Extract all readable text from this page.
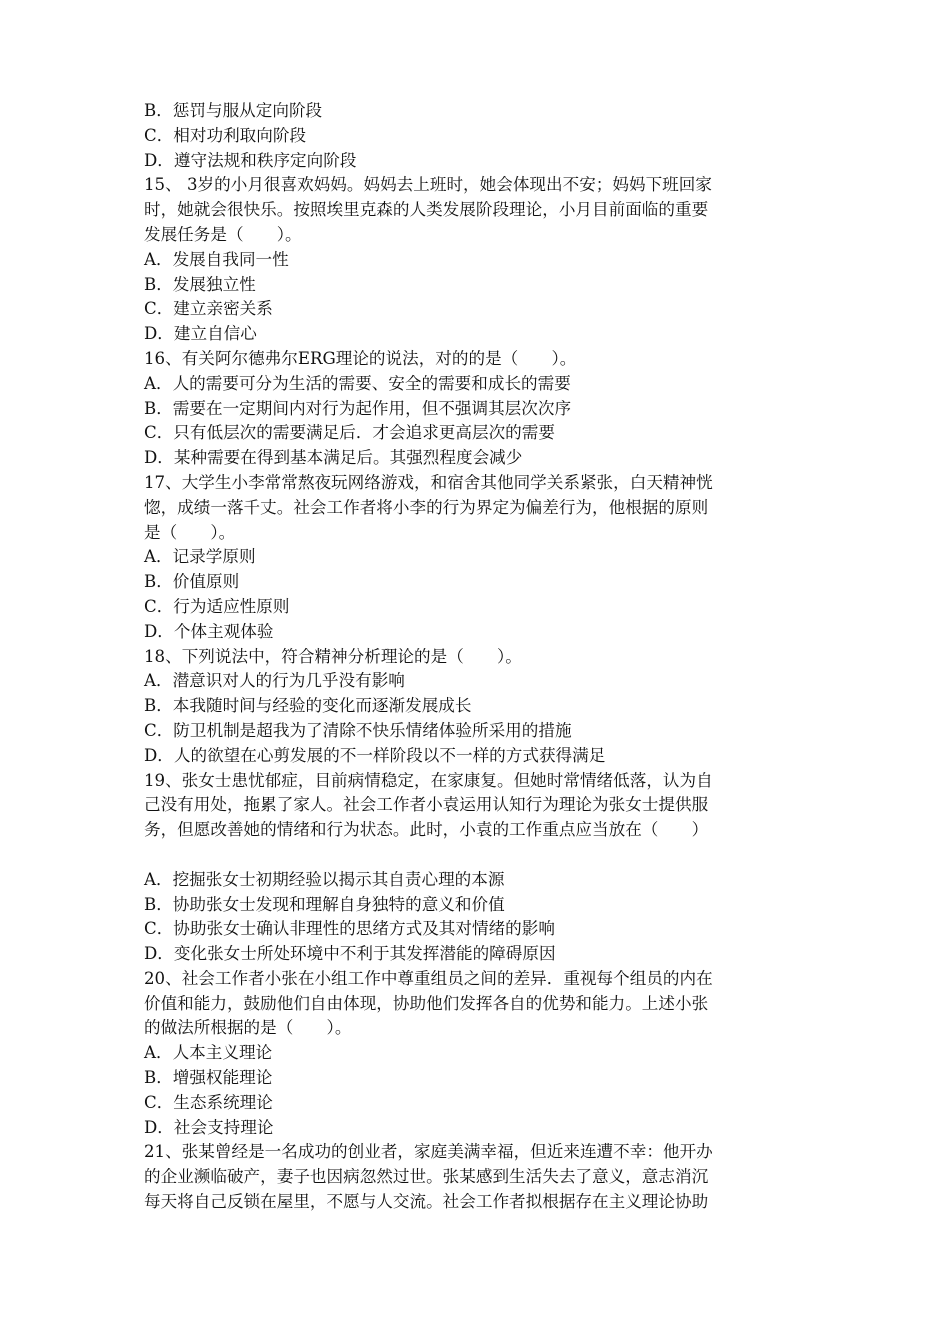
B．惩罚与服从定向阶段
C．相对功利取向阶段
D．遵守法规和秩序定向阶段
15、 3岁的小月很喜欢妈妈。妈妈去上班时，她会体现出不安；妈妈下班回家
时，她就会很快乐。按照埃里克森的人类发展阶段理论，小月目前面临的重要
发展任务是（　　）。
A．发展自我同一性
B．发展独立性
C．建立亲密关系
D．建立自信心
16、有关阿尔德弗尔ERG理论的说法，对的的是（　　）。
A．人的需要可分为生活的需要、安全的需要和成长的需要
B．需要在一定期间内对行为起作用，但不强调其层次次序
C．只有低层次的需要满足后．才会追求更高层次的需要
D．某种需要在得到基本满足后。其强烈程度会减少
17、大学生小李常常熬夜玩网络游戏，和宿舍其他同学关系紧张，白天精神恍
惚，成绩一落千丈。社会工作者将小李的行为界定为偏差行为，他根据的原则
是（　　）。
A．记录学原则
B．价值原则
C．行为适应性原则
D．个体主观体验
18、下列说法中，符合精神分析理论的是（　　）。
A．潜意识对人的行为几乎没有影响
B．本我随时间与经验的变化而逐渐发展成长
C．防卫机制是超我为了清除不快乐情绪体验所采用的措施
D．人的欲望在心剪发展的不一样阶段以不一样的方式获得满足
19、张女士患忧郁症，目前病情稳定，在家康复。但她时常情绪低落，认为自
己没有用处，拖累了家人。社会工作者小袁运用认知行为理论为张女士提供服
务，但愿改善她的情绪和行为状态。此时，小袁的工作重点应当放在（　　）
A．挖掘张女士初期经验以揭示其自责心理的本源
B．协助张女士发现和理解自身独特的意义和价值
C．协助张女士确认非理性的思绪方式及其对情绪的影响
D．变化张女士所处环境中不利于其发挥潜能的障碍原因
20、社会工作者小张在小组工作中尊重组员之间的差异．重视每个组员的内在
价值和能力，鼓励他们自由体现，协助他们发挥各自的优势和能力。上述小张
的做法所根据的是（　　）。
A．人本主义理论
B．增强权能理论
C．生态系统理论
D．社会支持理论
21、张某曾经是一名成功的创业者，家庭美满幸福，但近来连遭不幸：他开办
的企业濒临破产，妻子也因病忽然过世。张某感到生活失去了意义，意志消沉
每天将自己反锁在屋里，不愿与人交流。社会工作者拟根据存在主义理论协助
